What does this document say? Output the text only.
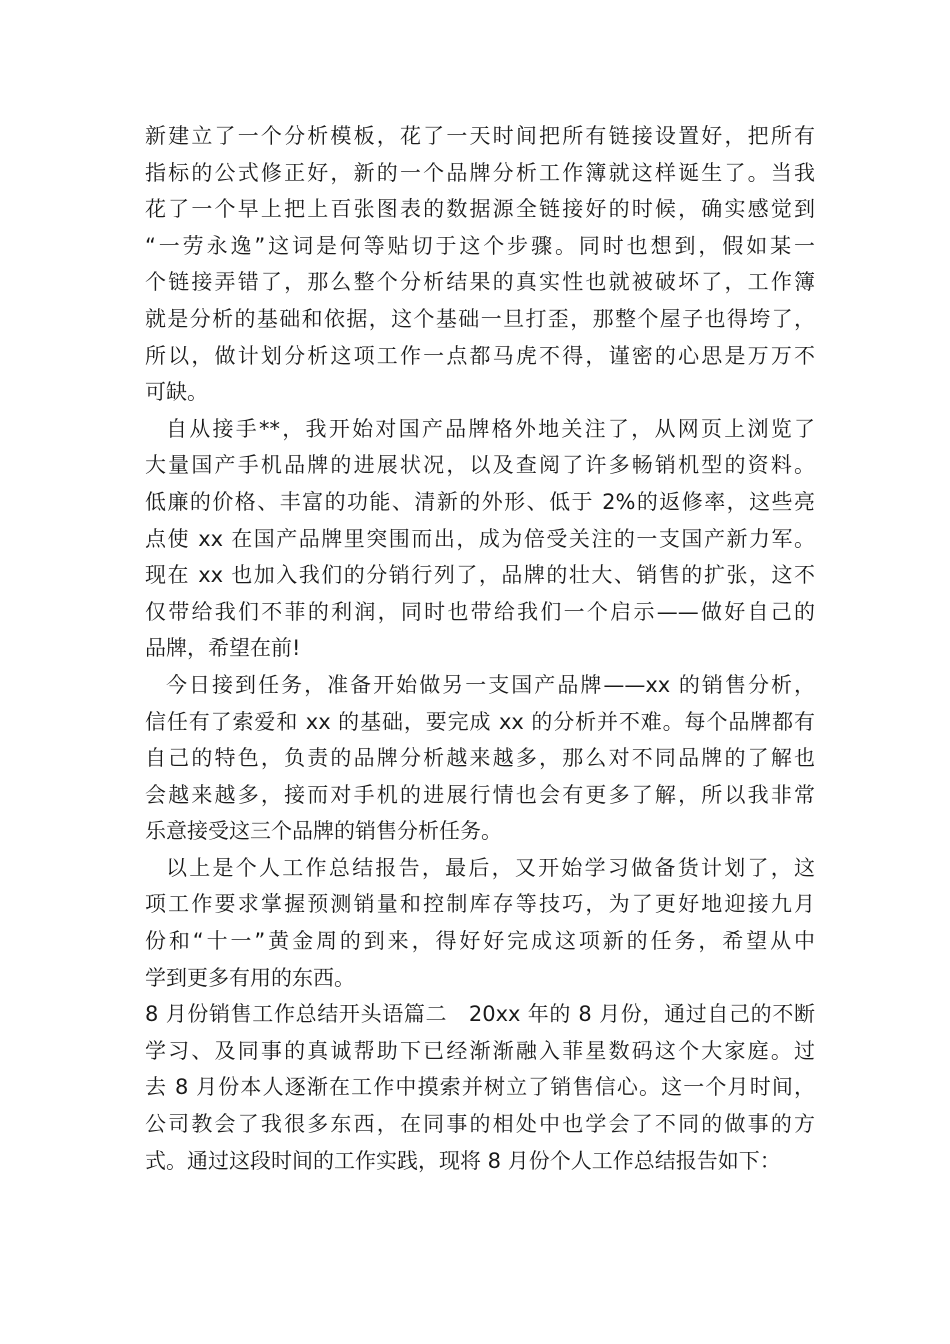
新建立了一个分析模板，花了一天时间把所有链接设置好，把所有
指标的公式修正好，新的一个品牌分析工作簿就这样诞生了。当我
花了一个早上把上百张图表的数据源全链接好的时候，确实感觉到
“一劳永逸”这词是何等贴切于这个步骤。同时也想到，假如某一
个链接弄错了，那么整个分析结果的真实性也就被破坏了，工作簿
就是分析的基础和依据，这个基础一旦打歪，那整个屋子也得垮了，
所以，做计划分析这项工作一点都马虎不得，谨密的心思是万万不
可缺。
自从接手**，我开始对国产品牌格外地关注了，从网页上浏览了
大量国产手机品牌的进展状况，以及查阅了许多畅销机型的资料。
低廉的价格、丰富的功能、清新的外形、低于 2%的返修率，这些亮
点使 xx 在国产品牌里突围而出，成为倍受关注的一支国产新力军。
现在 xx 也加入我们的分销行列了，品牌的壮大、销售的扩张，这不
仅带给我们不菲的利润，同时也带给我们一个启示——做好自己的
品牌，希望在前!
今日接到任务，准备开始做另一支国产品牌——xx 的销售分析，
信任有了索爱和 xx 的基础，要完成 xx 的分析并不难。每个品牌都有
自己的特色，负责的品牌分析越来越多，那么对不同品牌的了解也
会越来越多，接而对手机的进展行情也会有更多了解，所以我非常
乐意接受这三个品牌的销售分析任务。
以上是个人工作总结报告，最后，又开始学习做备货计划了，这
项工作要求掌握预测销量和控制库存等技巧，为了更好地迎接九月
份和“十一”黄金周的到来，得好好完成这项新的任务，希望从中
学到更多有用的东西。
8 月份销售工作总结开头语篇二　20xx 年的 8 月份，通过自己的不断
学习、及同事的真诚帮助下已经渐渐融入菲星数码这个大家庭。过
去 8 月份本人逐渐在工作中摸索并树立了销售信心。这一个月时间，
公司教会了我很多东西，在同事的相处中也学会了不同的做事的方
式。通过这段时间的工作实践，现将 8 月份个人工作总结报告如下：
